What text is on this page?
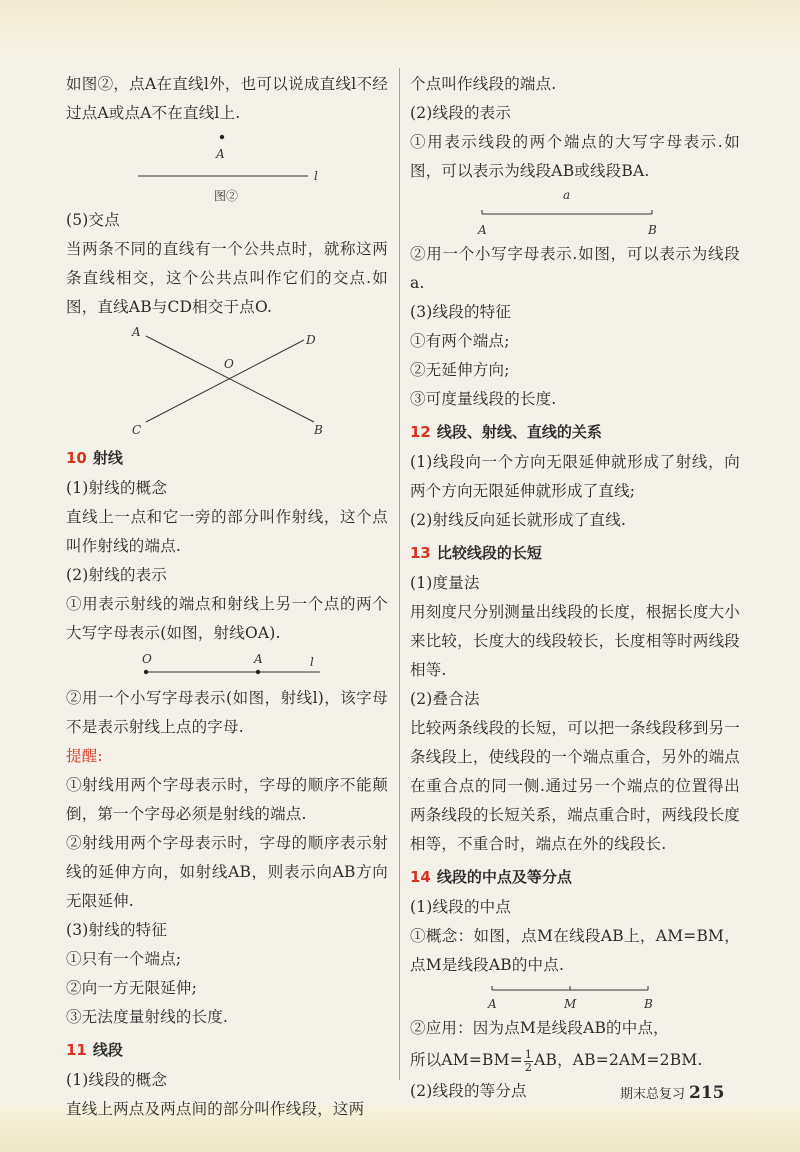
如图②，点A在直线l外，也可以说成直线l不经过点A或点A不在直线l上.

A
l
图②

(5)交点

当两条不同的直线有一个公共点时，就称这两条直线相交，这个公共点叫作它们的交点.如图，直线AB与CD相交于点O.

A
B
C
D
O
10 射线

(1)射线的概念

直线上一点和它一旁的部分叫作射线，这个点叫作射线的端点.

(2)射线的表示

①用表示射线的端点和射线上另一个点的两个大写字母表示(如图，射线OA).

O	A	l

②用一个小写字母表示(如图，射线l)，该字母不是表示射线上点的字母.

提醒:

①射线用两个字母表示时，字母的顺序不能颠倒，第一个字母必须是射线的端点.

②射线用两个字母表示时，字母的顺序表示射线的延伸方向，如射线AB，则表示向AB方向无限延伸.

(3)射线的特征

①只有一个端点;

②向一方无限延伸;

③无法度量射线的长度.

11 线段

(1)线段的概念

直线上两点及两点间的部分叫作线段，这两

个点叫作线段的端点.

(2)线段的表示

①用表示线段的两个端点的大写字母表示.如图，可以表示为线段AB或线段BA.

a
A	B

②用一个小写字母表示.如图，可以表示为线段a.

(3)线段的特征

①有两个端点;

②无延伸方向;

③可度量线段的长度.

12 线段、射线、直线的关系

(1)线段向一个方向无限延伸就形成了射线，向两个方向无限延伸就形成了直线;

(2)射线反向延长就形成了直线.

13 比较线段的长短

(1)度量法

用刻度尺分别测量出线段的长度，根据长度大小来比较，长度大的线段较长，长度相等时两线段相等.

(2)叠合法

比较两条线段的长短，可以把一条线段移到另一条线段上，使线段的一个端点重合，另外的端点在重合点的同一侧.通过另一个端点的位置得出两条线段的长短关系，端点重合时，两线段长度相等，不重合时，端点在外的线段长.

14 线段的中点及等分点

(1)线段的中点

①概念：如图，点M在线段AB上，AM=BM，点M是线段AB的中点.

A	M	B

②应用：因为点M是线段AB的中点，

所以$AM=BM= \frac{1}{2}$ AB，AB=2AM=2BM.

(2)线段的等分点	期末总复习 215
